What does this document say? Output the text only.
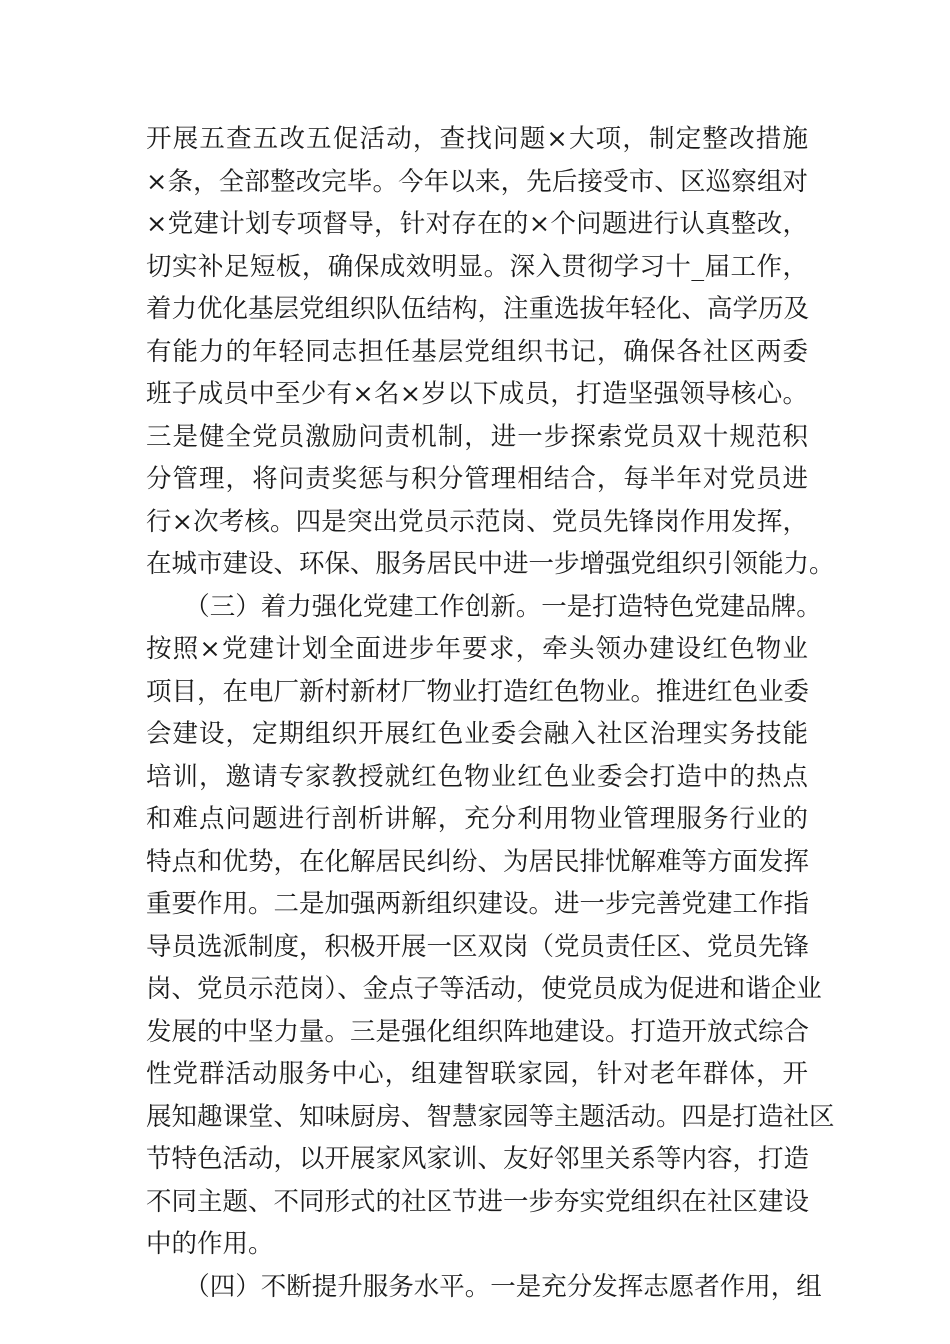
开展五查五改五促活动，查找问题×大项，制定整改措施
×条，全部整改完毕。今年以来，先后接受市、区巡察组对
×党建计划专项督导，针对存在的×个问题进行认真整改，
切实补足短板，确保成效明显。深入贯彻学习十_届工作，
着力优化基层党组织队伍结构，注重选拔年轻化、高学历及
有能力的年轻同志担任基层党组织书记，确保各社区两委
班子成员中至少有×名×岁以下成员，打造坚强领导核心。
三是健全党员激励问责机制，进一步探索党员双十规范积
分管理，将问责奖惩与积分管理相结合，每半年对党员进
行×次考核。四是突出党员示范岗、党员先锋岗作用发挥，
在城市建设、环保、服务居民中进一步增强党组织引领能力。
　　（三）着力强化党建工作创新。一是打造特色党建品牌。
按照×党建计划全面进步年要求，牵头领办建设红色物业
项目，在电厂新村新材厂物业打造红色物业。推进红色业委
会建设，定期组织开展红色业委会融入社区治理实务技能
培训，邀请专家教授就红色物业红色业委会打造中的热点
和难点问题进行剖析讲解，充分利用物业管理服务行业的
特点和优势，在化解居民纠纷、为居民排忧解难等方面发挥
重要作用。二是加强两新组织建设。进一步完善党建工作指
导员选派制度，积极开展一区双岗（党员责任区、党员先锋
岗、党员示范岗）、金点子等活动，使党员成为促进和谐企业
发展的中坚力量。三是强化组织阵地建设。打造开放式综合
性党群活动服务中心，组建智联家园，针对老年群体，开
展知趣课堂、知味厨房、智慧家园等主题活动。四是打造社区
节特色活动，以开展家风家训、友好邻里关系等内容，打造
不同主题、不同形式的社区节进一步夯实党组织在社区建设
中的作用。
　　（四）不断提升服务水平。一是充分发挥志愿者作用，组
